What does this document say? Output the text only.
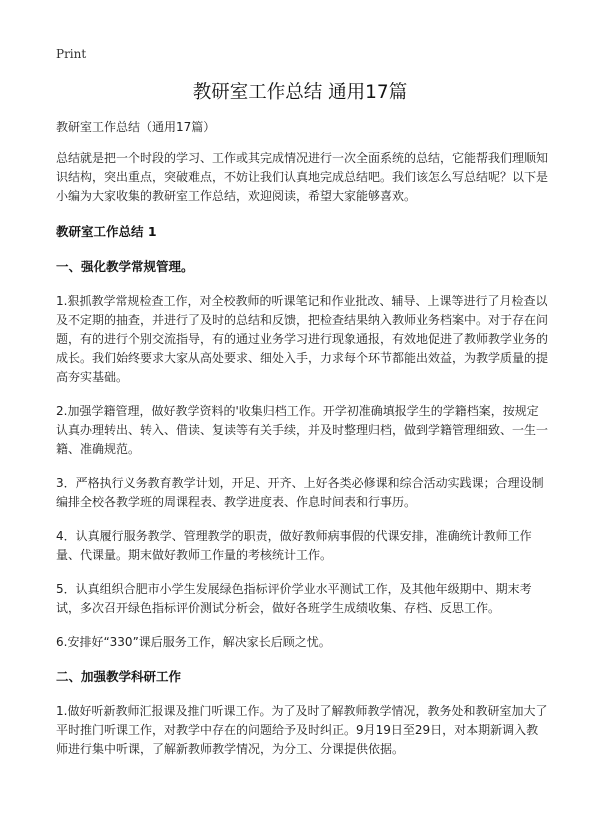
Print
教研室工作总结 通用17篇

教研室工作总结（通用17篇）

总结就是把一个时段的学习、工作或其完成情况进行一次全面系统的总结，它能帮我们理顺知识结构，突出重点，突破难点，不妨让我们认真地完成总结吧。我们该怎么写总结呢？以下是小编为大家收集的教研室工作总结，欢迎阅读，希望大家能够喜欢。

教研室工作总结 1

一、强化教学常规管理。

1.狠抓教学常规检查工作，对全校教师的听课笔记和作业批改、辅导、上课等进行了月检查以及不定期的抽查，并进行了及时的总结和反馈，把检查结果纳入教师业务档案中。对于存在问题，有的进行个别交流指导，有的通过业务学习进行现象通报，有效地促进了教师教学业务的成长。我们始终要求大家从高处要求、细处入手，力求每个环节都能出效益，为教学质量的提高夯实基础。

2.加强学籍管理，做好教学资料的'收集归档工作。开学初准确填报学生的学籍档案，按规定认真办理转出、转入、借读、复读等有关手续，并及时整理归档，做到学籍管理细致、一生一籍、准确规范。

3．严格执行义务教育教学计划，开足、开齐、上好各类必修课和综合活动实践课；合理设制编排全校各教学班的周课程表、教学进度表、作息时间表和行事历。

4．认真履行服务教学、管理教学的职责，做好教师病事假的代课安排，准确统计教师工作量、代课量。期末做好教师工作量的考核统计工作。

5．认真组织合肥市小学生发展绿色指标评价学业水平测试工作，及其他年级期中、期末考试，多次召开绿色指标评价测试分析会，做好各班学生成绩收集、存档、反思工作。

6.安排好“330”课后服务工作，解决家长后顾之忧。

二、加强教学科研工作

1.做好听新教师汇报课及推门听课工作。为了及时了解教师教学情况，教务处和教研室加大了平时推门听课工作，对教学中存在的问题给予及时纠正。9月19日至29日，对本期新调入教师进行集中听课，了解新教师教学情况，为分工、分课提供依据。
